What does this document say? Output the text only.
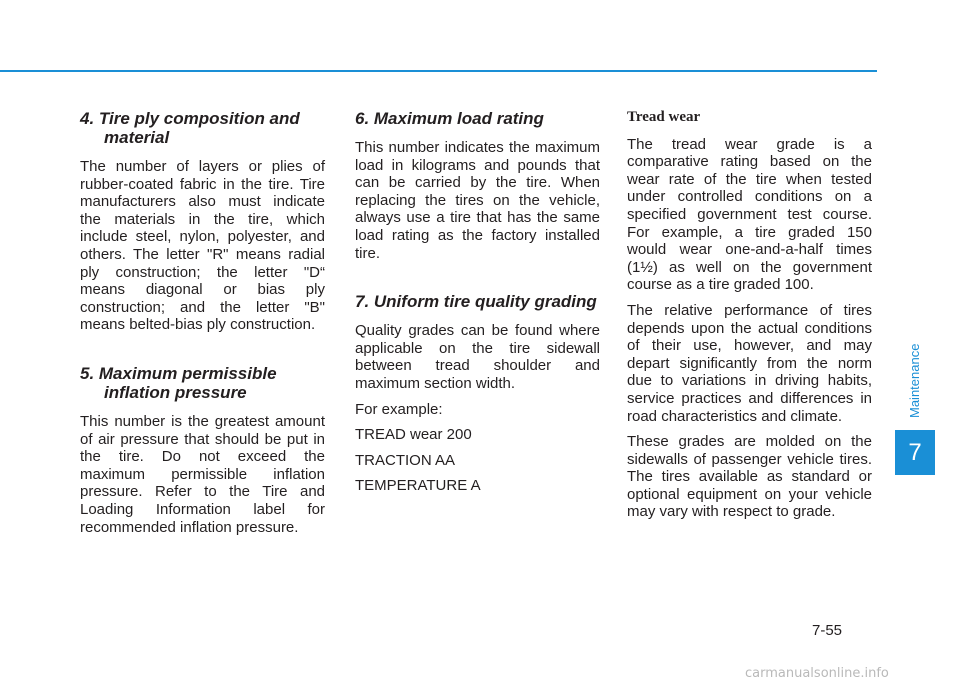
4. Tire ply composition and material

The number of layers or plies of rubber-coated fabric in the tire. Tire manufacturers also must indicate the materials in the tire, which include steel, nylon, polyester, and others. The letter "R" means radial ply construction; the letter "D“ means diagonal or bias ply construction; and the letter "B" means belted-bias ply construction.

5. Maximum permissible inflation pressure

This number is the greatest amount of air pressure that should be put in the tire. Do not exceed the maximum permissible inflation pressure. Refer to the Tire and Loading Information label for recommended inflation pressure.

6. Maximum load rating

This number indicates the maximum load in kilograms and pounds that can be carried by the tire. When replacing the tires on the vehicle, always use a tire that has the same load rating as the factory installed tire.

7. Uniform tire quality grading

Quality grades can be found where applicable on the tire sidewall between tread shoulder and maximum section width.

For example:

TREAD wear 200

TRACTION AA

TEMPERATURE A

Tread wear

The tread wear grade is a comparative rating based on the wear rate of the tire when tested under controlled conditions on a specified government test course. For example, a tire graded 150 would wear one-and-a-half times (1½) as well on the government course as a tire graded 100.

The relative performance of tires depends upon the actual conditions of their use, however, and may depart significantly from the norm due to variations in driving habits, service practices and differences in road characteristics and climate.

These grades are molded on the sidewalls of passenger vehicle tires. The tires available as standard or optional equipment on your vehicle may vary with respect to grade.

Maintenance
7
7-55
carmanualsonline.info
